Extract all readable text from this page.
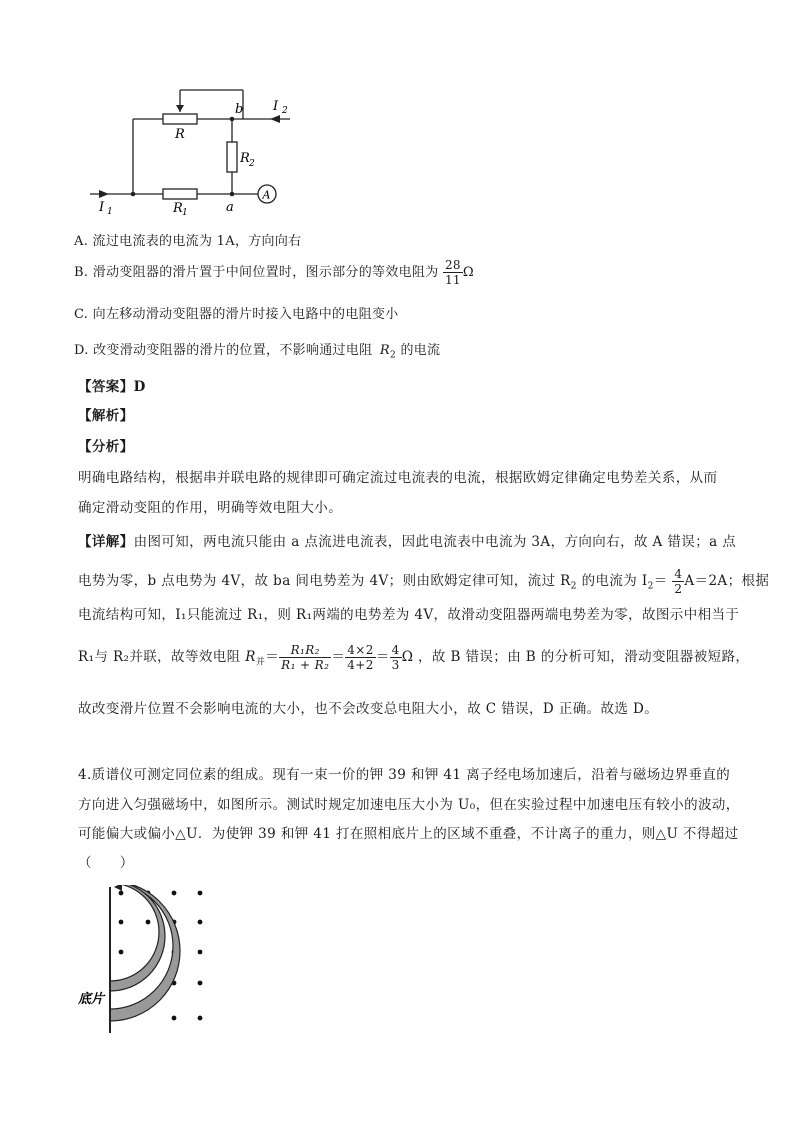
I 2
b
R
R 2
I 1	R 1	a
A
A. 流过电流表的电流为 1A，方向向右
B. 滑动变阻器的滑片置于中间位置时，图示部分的等效电阻为 $\frac{28}{11}$ Ω
C. 向左移动滑动变阻器的滑片时接入电路中的电阻变小
D. 改变滑动变阻器的滑片的位置，不影响通过电阻 $R_2$ 的电流
【答案】D
【解析】
【分析】
明确电路结构，根据串并联电路的规律即可确定流过电流表的电流，根据欧姆定律确定电势差关系，从而
确定滑动变阻的作用，明确等效电阻大小。
【详解】由图可知，两电流只能由 a 点流进电流表，因此电流表中电流为 3A，方向向右，故 A 错误；a 点
电势为零，b 点电势为 4V，故 ba 间电势差为 4V；则由欧姆定律可知，流过 $R_2$ 的电流为 $I_2= \frac{4}{2} A=2A$；根据
电流结构可知，I₁只能流过 R₁，则 R₁两端的电势差为 4V，故滑动变阻器两端电势差为零，故图示中相当于
R₁与 R₂并联，故等效电阻 $R_并= \frac{\text{R₁R₂}}{\text{R₁ + R₂}} = \frac{4\times 2}{4+2} = \frac{4}{3}$ Ω ，故 B 错误；由 B 的分析可知，滑动变阻器被短路，
故改变滑片位置不会影响电流的大小，也不会改变总电阻大小，故 C 错误，D 正确。故选 D。
4.质谱仪可测定同位素的组成。现有一束一价的钾 39 和钾 41 离子经电场加速后，沿着与磁场边界垂直的
方向进入匀强磁场中，如图所示。测试时规定加速电压大小为 U₀，但在实验过程中加速电压有较小的波动，
可能偏大或偏小△U．为使钾 39 和钾 41 打在照相底片上的区域不重叠，不计离子的重力，则△U 不得超过
（　　）
底片
